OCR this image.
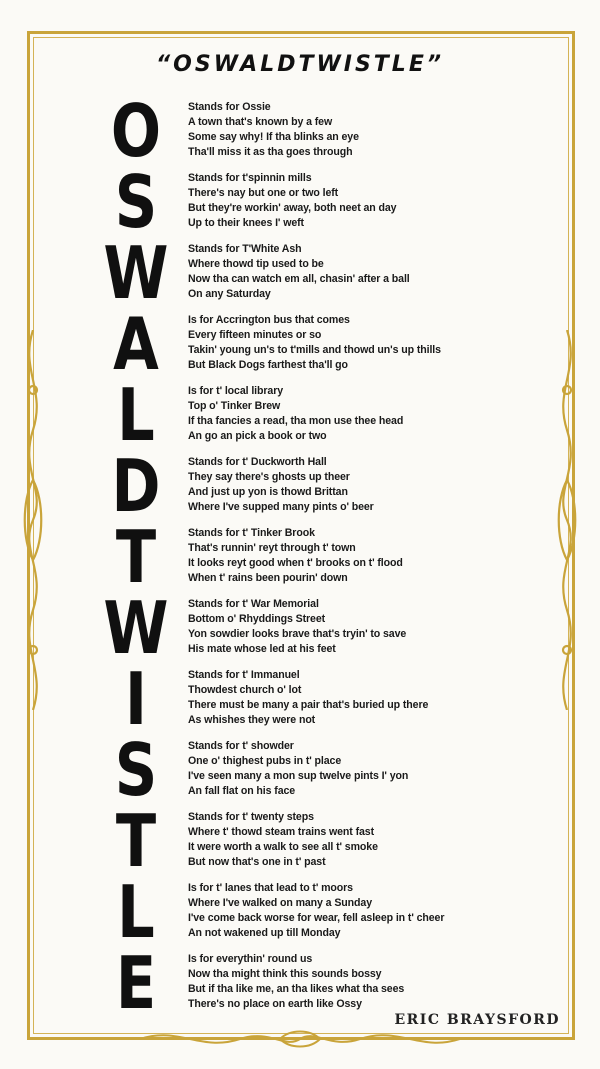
“OSWALDTWISTLE”
O
S
W
A
L
D
T
W
I
S
T
L
E
Stands for Ossie
A town that's known by a few
Some say why! If tha blinks an eye
Tha'll miss it as tha goes through
Stands for t'spinnin mills
There's nay but one or two left
But they're workin' away, both neet an day
Up to their knees I' weft
Stands for T'White Ash
Where thowd tip used to be
Now tha can watch em all, chasin' after a ball
On any Saturday
Is for Accrington bus that comes
Every fifteen minutes or so
Takin' young un's to t'mills and thowd un's up thills
But Black Dogs farthest tha'll go
Is for t' local library
Top o' Tinker Brew
If tha fancies a read, tha mon use thee head
An go an pick a book or two
Stands for t' Duckworth Hall
They say there's ghosts up theer
And just up yon is thowd Brittan
Where I've supped many pints o' beer
Stands for t' Tinker Brook
That's runnin' reyt through t' town
It looks reyt good when t' brooks on t' flood
When t' rains been pourin' down
Stands for t' War Memorial
Bottom o' Rhyddings Street
Yon sowdier looks brave that's tryin' to save
His mate whose led at his feet
Stands for t' Immanuel
Thowdest church o' lot
There must be many a pair that's buried up there
As whishes they were not
Stands for t' showder
One o' thighest pubs in t' place
I've seen many a mon sup twelve pints I' yon
An fall flat on his face
Stands for t' twenty steps
Where t' thowd steam trains went fast
It were worth a walk to see all t' smoke
But now that's one in t' past
Is for t' lanes that lead to t' moors
Where I've walked on many a Sunday
I've come back worse for wear, fell asleep in t' cheer
An not wakened up till Monday
Is for everythin' round us
Now tha might think this sounds bossy
But if tha like me, an tha likes what tha sees
There's no place on earth like Ossy
ERIC BRAYSFORD
